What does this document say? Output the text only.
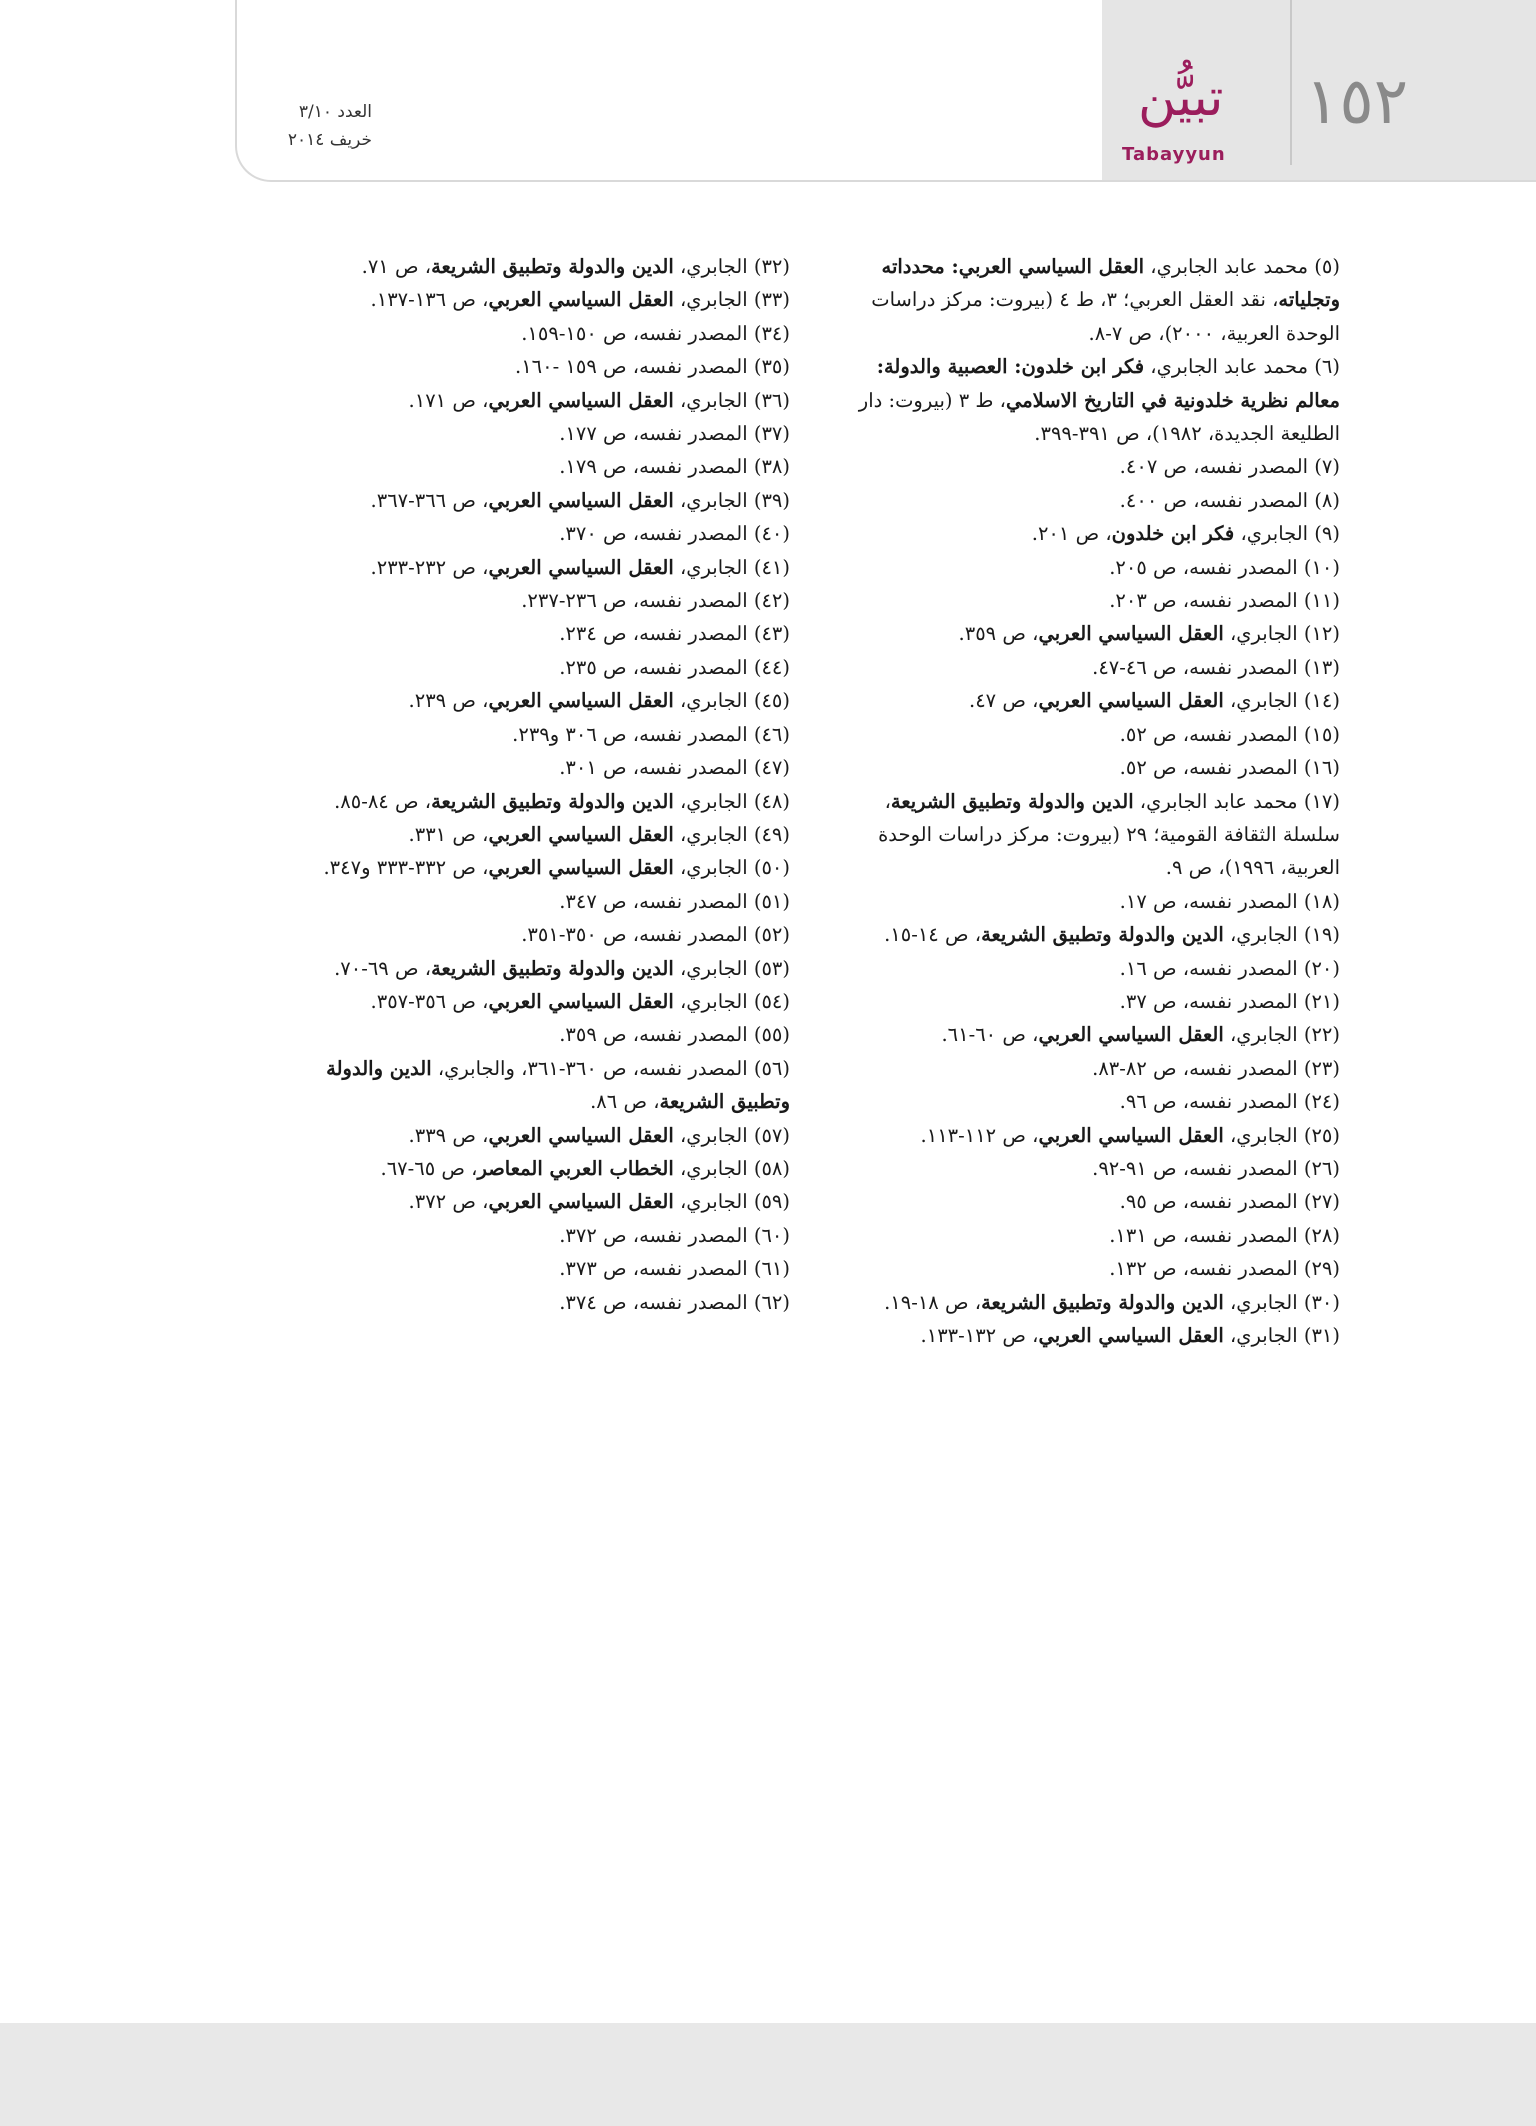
١٥٢
تبيُّن
Tabayyun
العدد ٣/١٠
خريف ٢٠١٤

(٥) محمد عابد الجابري، العقل السياسي العربي: محدداته وتجلياته، نقد العقل العربي؛ ٣، ط ٤ (بيروت: مركز دراسات الوحدة العربية، ٢٠٠٠)، ص ٧-٨.

(٦) محمد عابد الجابري، فكر ابن خلدون: العصبية والدولة: معالم نظرية خلدونية في التاريخ الاسلامي، ط ٣ (بيروت: دار الطليعة الجديدة، ١٩٨٢)، ص ٣٩١-٣٩٩.

(٧) المصدر نفسه، ص ٤٠٧.

(٨) المصدر نفسه، ص ٤٠٠.

(٩) الجابري، فكر ابن خلدون، ص ٢٠١.

(١٠) المصدر نفسه، ص ٢٠٥.

(١١) المصدر نفسه، ص ٢٠٣.

(١٢) الجابري، العقل السياسي العربي، ص ٣٥٩.

(١٣) المصدر نفسه، ص ٤٦-٤٧.

(١٤) الجابري، العقل السياسي العربي، ص ٤٧.

(١٥) المصدر نفسه، ص ٥٢.

(١٦) المصدر نفسه، ص ٥٢.

(١٧) محمد عابد الجابري، الدين والدولة وتطبيق الشريعة، سلسلة الثقافة القومية؛ ٢٩ (بيروت: مركز دراسات الوحدة العربية، ١٩٩٦)، ص ٩.

(١٨) المصدر نفسه، ص ١٧.

(١٩) الجابري، الدين والدولة وتطبيق الشريعة، ص ١٤-١٥.

(٢٠) المصدر نفسه، ص ١٦.

(٢١) المصدر نفسه، ص ٣٧.

(٢٢) الجابري، العقل السياسي العربي، ص ٦٠-٦١.

(٢٣) المصدر نفسه، ص ٨٢-٨٣.

(٢٤) المصدر نفسه، ص ٩٦.

(٢٥) الجابري، العقل السياسي العربي، ص ١١٢-١١٣.

(٢٦) المصدر نفسه، ص ٩١-٩٢.

(٢٧) المصدر نفسه، ص ٩٥.

(٢٨) المصدر نفسه، ص ١٣١.

(٢٩) المصدر نفسه، ص ١٣٢.

(٣٠) الجابري، الدين والدولة وتطبيق الشريعة، ص ١٨-١٩.

(٣١) الجابري، العقل السياسي العربي، ص ١٣٢-١٣٣.

(٣٢) الجابري، الدين والدولة وتطبيق الشريعة، ص ٧١.

(٣٣) الجابري، العقل السياسي العربي، ص ١٣٦-١٣٧.

(٣٤) المصدر نفسه، ص ١٥٠-١٥٩.

(٣٥) المصدر نفسه، ص ١٥٩ -١٦٠.

(٣٦) الجابري، العقل السياسي العربي، ص ١٧١.

(٣٧) المصدر نفسه، ص ١٧٧.

(٣٨) المصدر نفسه، ص ١٧٩.

(٣٩) الجابري، العقل السياسي العربي، ص ٣٦٦-٣٦٧.

(٤٠) المصدر نفسه، ص ٣٧٠.

(٤١) الجابري، العقل السياسي العربي، ص ٢٣٢-٢٣٣.

(٤٢) المصدر نفسه، ص ٢٣٦-٢٣٧.

(٤٣) المصدر نفسه، ص ٢٣٤.

(٤٤) المصدر نفسه، ص ٢٣٥.

(٤٥) الجابري، العقل السياسي العربي، ص ٢٣٩.

(٤٦) المصدر نفسه، ص ٣٠٦ و٢٣٩.

(٤٧) المصدر نفسه، ص ٣٠١.

(٤٨) الجابري، الدين والدولة وتطبيق الشريعة، ص ٨٤-٨٥.

(٤٩) الجابري، العقل السياسي العربي، ص ٣٣١.

(٥٠) الجابري، العقل السياسي العربي، ص ٣٣٢-٣٣٣ و٣٤٧.

(٥١) المصدر نفسه، ص ٣٤٧.

(٥٢) المصدر نفسه، ص ٣٥٠-٣٥١.

(٥٣) الجابري، الدين والدولة وتطبيق الشريعة، ص ٦٩-٧٠.

(٥٤) الجابري، العقل السياسي العربي، ص ٣٥٦-٣٥٧.

(٥٥) المصدر نفسه، ص ٣٥٩.

(٥٦) المصدر نفسه، ص ٣٦٠-٣٦١، والجابري، الدين والدولة وتطبيق الشريعة، ص ٨٦.

(٥٧) الجابري، العقل السياسي العربي، ص ٣٣٩.

(٥٨) الجابري، الخطاب العربي المعاصر، ص ٦٥-٦٧.

(٥٩) الجابري، العقل السياسي العربي، ص ٣٧٢.

(٦٠) المصدر نفسه، ص ٣٧٢.

(٦١) المصدر نفسه، ص ٣٧٣.

(٦٢) المصدر نفسه، ص ٣٧٤.
